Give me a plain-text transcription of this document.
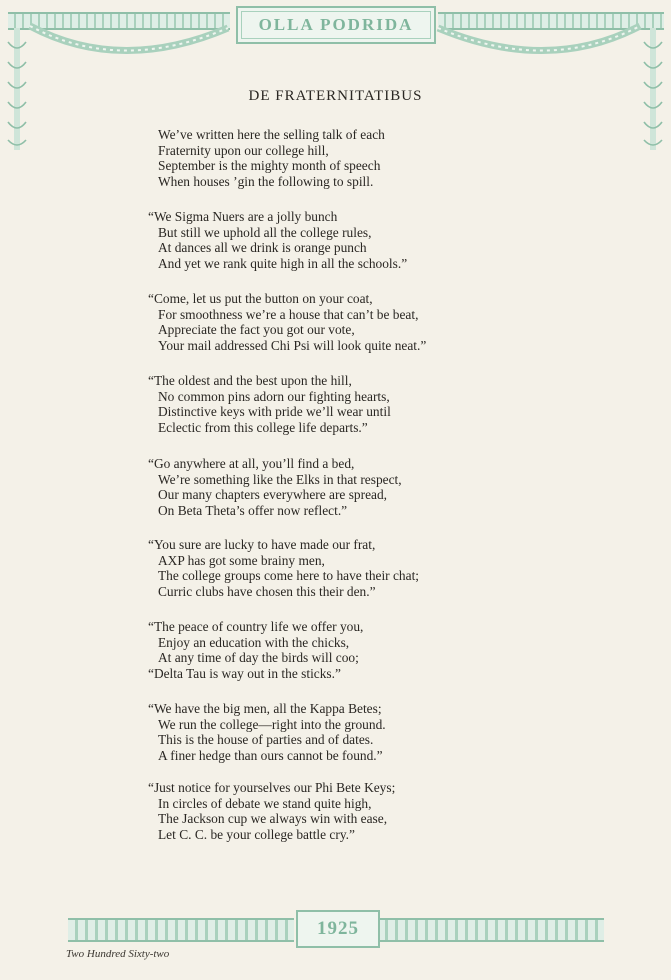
OLLA PODRIDA
DE FRATERNITATIBUS
We’ve written here the selling talk of each
Fraternity upon our college hill,
September is the mighty month of speech
When houses ’gin the following to spill.
“We Sigma Nuers are a jolly bunch
But still we uphold all the college rules,
At dances all we drink is orange punch
And yet we rank quite high in all the schools.”
“Come, let us put the button on your coat,
For smoothness we’re a house that can’t be beat,
Appreciate the fact you got our vote,
Your mail addressed Chi Psi will look quite neat.”
“The oldest and the best upon the hill,
No common pins adorn our fighting hearts,
Distinctive keys with pride we’ll wear until
Eclectic from this college life departs.”
“Go anywhere at all, you’ll find a bed,
We’re something like the Elks in that respect,
Our many chapters everywhere are spread,
On Beta Theta’s offer now reflect.”
“You sure are lucky to have made our frat,
AXP has got some brainy men,
The college groups come here to have their chat;
Curric clubs have chosen this their den.”
“The peace of country life we offer you,
Enjoy an education with the chicks,
At any time of day the birds will coo;
“Delta Tau is way out in the sticks.”
“We have the big men, all the Kappa Betes;
We run the college—right into the ground.
This is the house of parties and of dates.
A finer hedge than ours cannot be found.”
“Just notice for yourselves our Phi Bete Keys;
In circles of debate we stand quite high,
The Jackson cup we always win with ease,
Let C. C. be your college battle cry.”
1925
Two Hundred Sixty-two
